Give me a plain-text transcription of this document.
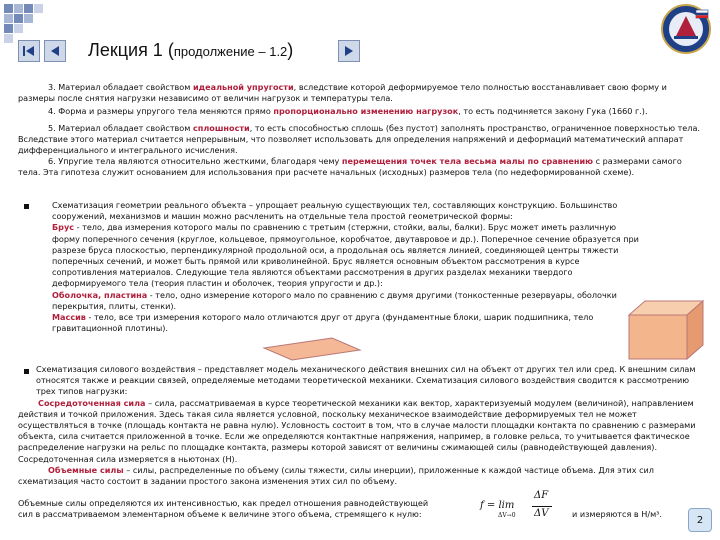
Лекция 1 (продолжение – 1.2)

3. Материал обладает свойством идеальной упругости, вследствие которой деформируемое тело полностью восстанавливает свою форму и размеры после снятия нагрузки независимо от величин нагрузок и температуры тела.

4. Форма и размеры упругого тела меняются прямо пропорционально изменению нагрузок, то есть подчиняется закону Гука (1660 г.).

5. Материал обладает свойством сплошности, то есть способностью сплошь (без пустот) заполнять пространство, ограниченное поверхностью тела. Вследствие этого материал считается непрерывным, что позволяет использовать для определения напряжений и деформаций математический аппарат дифференциального и интегрального исчисления.

6. Упругие тела являются относительно жесткими, благодаря чему перемещения точек тела весьма малы по сравнению с размерами самого тела. Эта гипотеза служит основанием для использования при расчете начальных (исходных) размеров тела (по недеформированной схеме).

Схематизация геометрии реального объекта – упрощает реальную существующих тел, составляющих конструкцию. Большинство сооружений, механизмов и машин можно расчленить на отдельные тела простой геометрической формы:

Брус - тело, два измерения которого малы по сравнению с третьим (стержни, стойки, валы, балки). Брус может иметь различную форму поперечного сечения (круглое, кольцевое, прямоугольное, коробчатое, двутавровое и др.). Поперечное сечение образуется при разрезе бруса плоскостью, перпендикулярной продольной оси, а продольная ось является линией, соединяющей центры тяжести поперечных сечений, и может быть прямой или криволинейной. Брус является основным объектом рассмотрения в курсе сопротивления материалов. Следующие тела являются объектами рассмотрения в других разделах механики твердого деформируемого тела (теория пластин и оболочек, теория упругости и др.):

Оболочка, пластина - тело, одно измерение которого мало по сравнению с двумя другими (тонкостенные резервуары, оболочки перекрытия, плиты, стенки).

Массив - тело, все три измерения которого мало отличаются друг от друга (фундаментные блоки, шарик подшипника, тело гравитационной плотины).

Схематизация силового воздействия – представляет модель механического действия внешних сил на объект от других тел или сред. К внешним силам относятся также и реакции связей, определяемые методами теоретической механики. Схематизация силового воздействия сводится к рассмотрению трех типов нагрузки:

Сосредоточенная сила – сила, рассматриваемая в курсе теоретической механики как вектор, характеризуемый модулем (величиной), направлением действия и точкой приложения. Здесь такая сила является условной, поскольку механическое взаимодействие деформируемых тел не может осуществляться в точке (площадь контакта не равна нулю). Условность состоит в том, что в случае малости площадки контакта по сравнению с размерами объекта, сила считается приложенной в точке. Если же определяются контактные напряжения, например, в головке рельса, то учитывается фактическое распределение нагрузки на рельс по площадке контакта, размеры которой зависят от величины сжимающей силы (равнодействующей давления). Сосредоточенная сила измеряется в ньютонах (Н).

Объемные силы – силы, распределенные по объему (силы тяжести, силы инерции), приложенные к каждой частице объема. Для этих сил схематизация часто состоит в задании простого закона изменения этих сил по объему.

Объемные силы определяются их интенсивностью, как предел отношения равнодействующей
сил в рассматриваемом элементарном объеме к величине этого объема, стремящего к нулю:
f = lim
ΔV→0
ΔF
ΔV	и измеряются в Н/м³.
2
